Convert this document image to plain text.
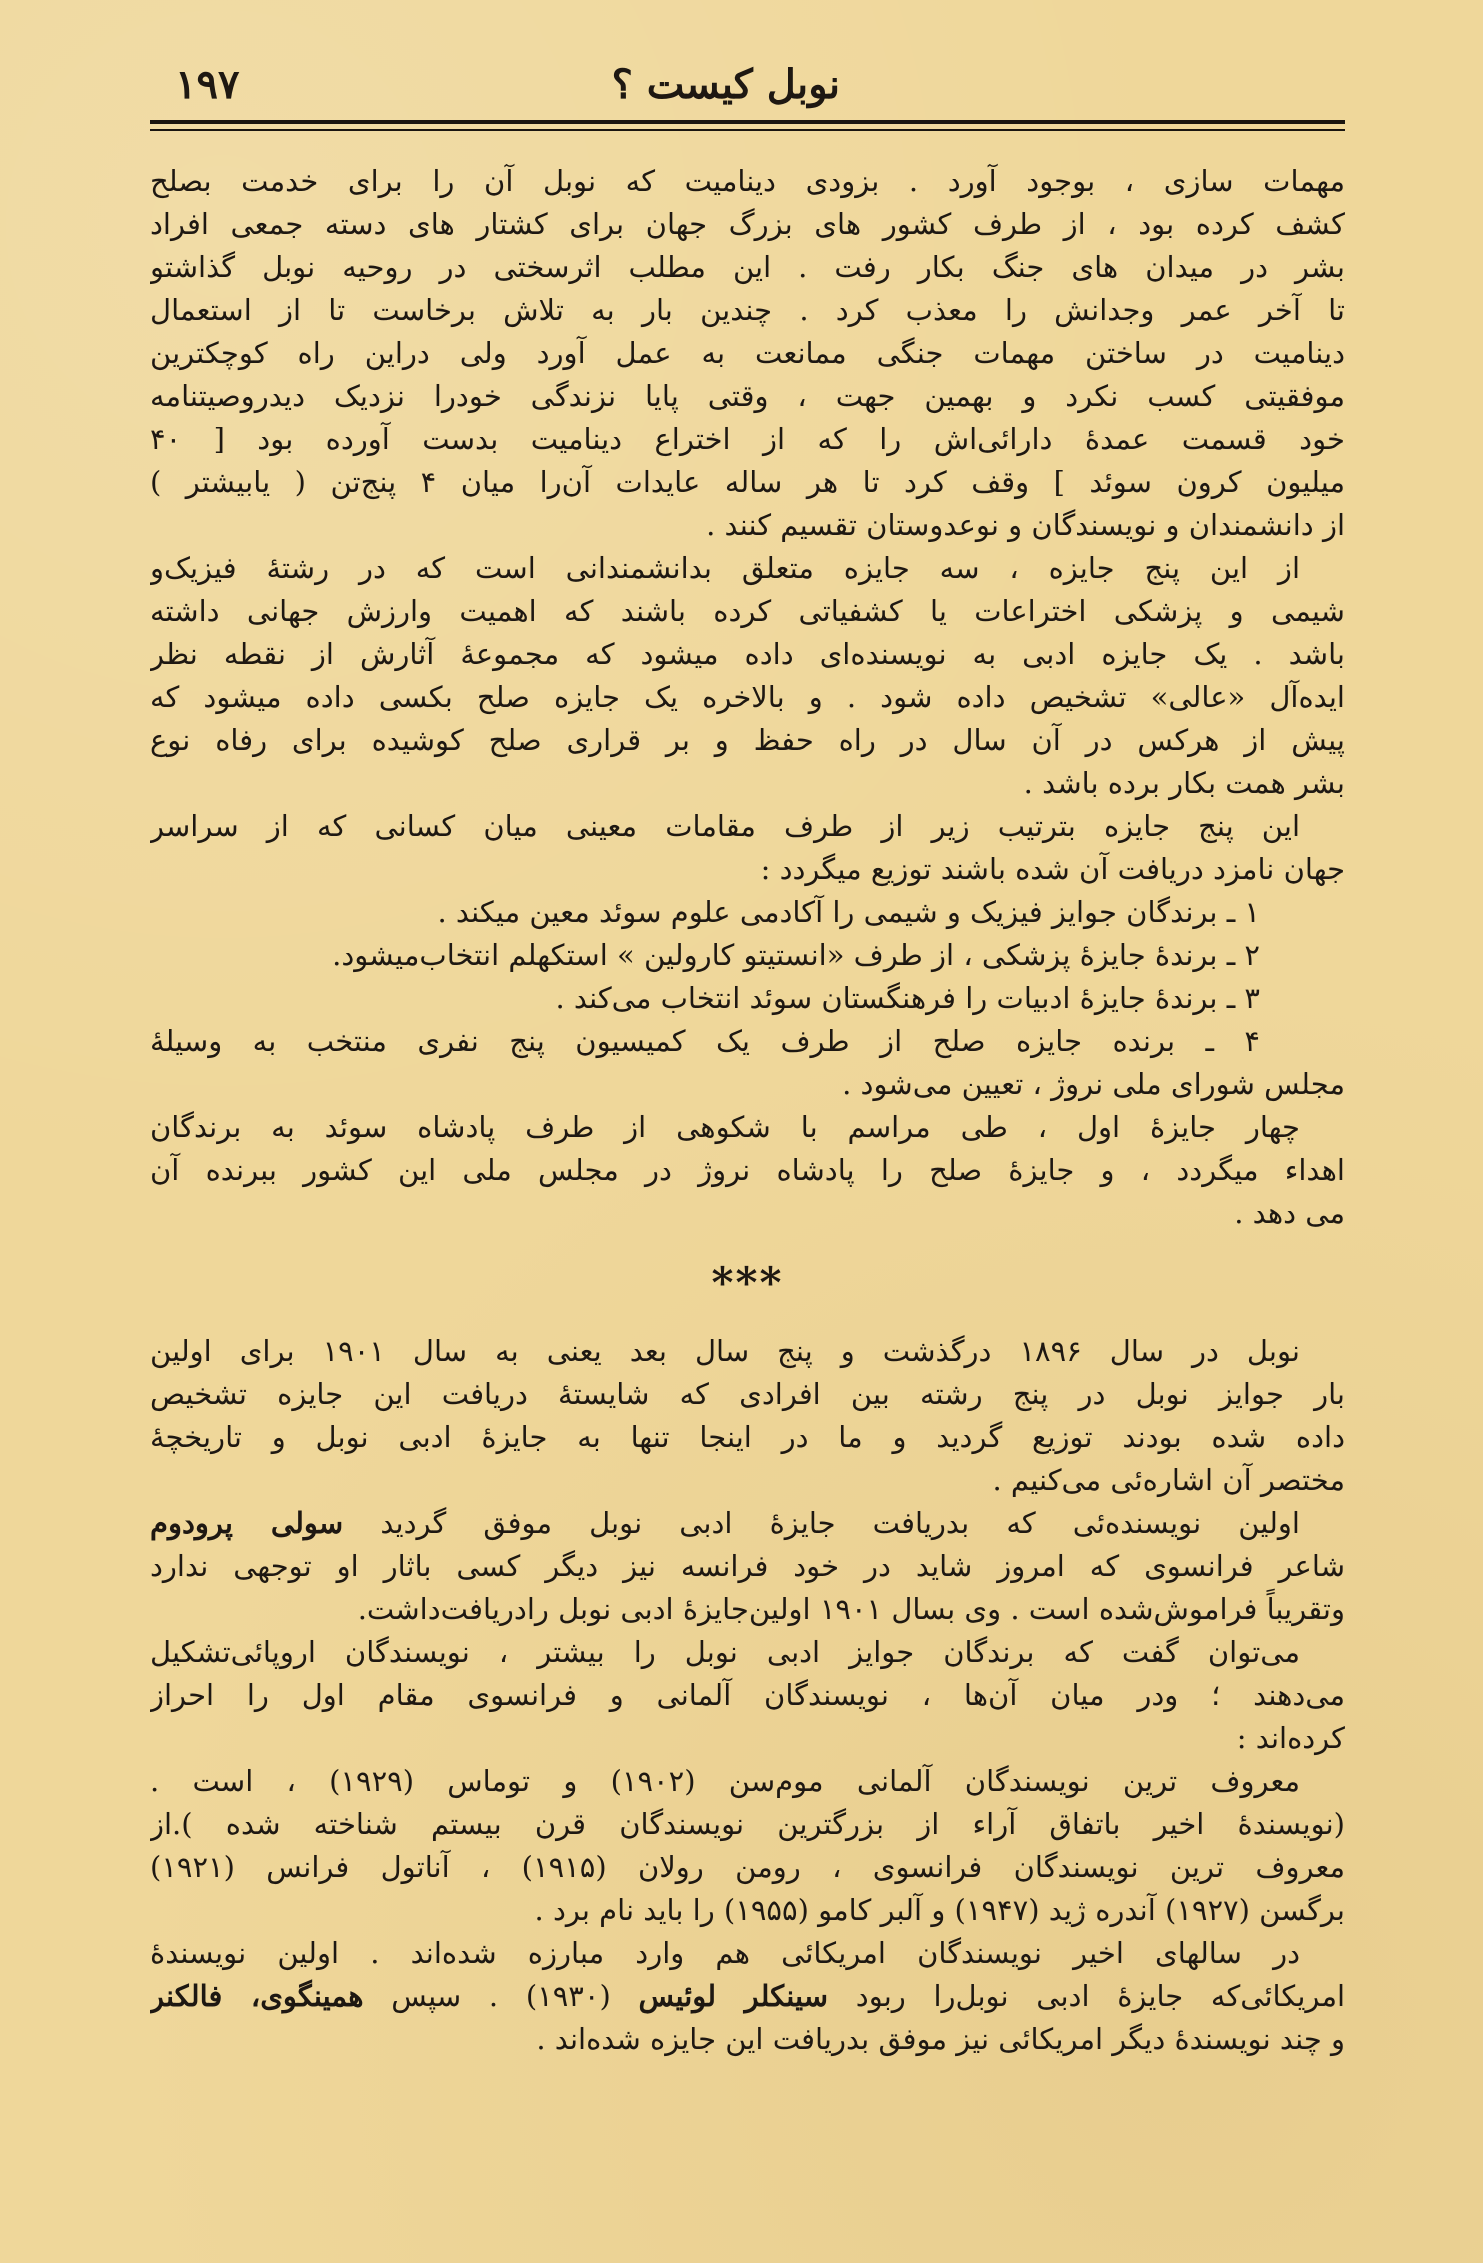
نوبل کیست ؟
۱۹۷
مهمات سازی ، بوجود آورد . بزودی دینامیت که نوبل آن را برای خدمت بصلح
کشف کرده بود ، از طرف کشور های بزرگ جهان برای کشتار های دسته جمعی افراد
بشر در میدان های جنگ بکار رفت . این مطلب اثرسختی در روحیه نوبل گذاشتو
تا آخر عمر وجدانش را معذب کرد . چندین بار به تلاش برخاست تا از استعمال
دینامیت در ساختن مهمات جنگی ممانعت به عمل آورد ولی دراین راه کوچکترین
موفقیتی کسب نکرد و بهمین جهت ، وقتی پایا نزندگی خودرا نزدیک دیدروصیتنامه
خود قسمت عمدهٔ دارائی‌اش را که از اختراع دینامیت بدست آورده بود [ ۴۰
میلیون کرون سوئد ] وقف کرد تا هر ساله عایدات آن‌را میان ۴ پنج‌تن ( یابیشتر )
از دانشمندان و نویسندگان و نوعدوستان تقسیم کنند .
از این پنج جایزه ، سه جایزه متعلق بدانشمندانی است که در رشتهٔ فیزیک‌و
شیمی و پزشکی اختراعات یا کشفیاتی کرده باشند که اهمیت وارزش جهانی داشته
باشد . یک جایزه ادبی به نویسنده‌ای داده میشود که مجموعهٔ آثارش از نقطه نظر
ایده‌آل «عالی» تشخیص داده شود . و بالاخره یک جایزه صلح بکسی داده میشود که
پیش از هرکس در آن سال در راه حفظ و بر قراری صلح کوشیده برای رفاه نوع
بشر همت بکار برده باشد .
این پنج جایزه بترتیب زیر از طرف مقامات معینی میان کسانی که از سراسر
جهان نامزد دریافت آن شده باشند توزیع میگردد :
۱ ـ برندگان جوایز فیزیک و شیمی را آکادمی علوم سوئد معین میکند .
۲ ـ برندهٔ جایزهٔ پزشکی ، از طرف «انستیتو کارولین » استکهلم انتخاب‌میشود.
۳ ـ برندهٔ جایزهٔ ادبیات را فرهنگستان سوئد انتخاب می‌کند .
۴ ـ برنده جایزه صلح از طرف یک کمیسیون پنج نفری منتخب به وسیلهٔ
مجلس شورای ملی نروژ ، تعیین می‌شود .
چهار جایزهٔ اول ، طی مراسم با شکوهی از طرف پادشاه سوئد به برندگان
اهداء میگردد ، و جایزهٔ صلح را پادشاه نروژ در مجلس ملی این کشور ببرنده آن
می دهد .
***
نوبل در سال ۱۸۹۶ درگذشت و پنج سال بعد یعنی به سال ۱۹۰۱ برای اولین
بار جوایز نوبل در پنج رشته بین افرادی که شایستهٔ دریافت این جایزه تشخیص
داده شده بودند توزیع گردید و ما در اینجا تنها به جایزهٔ ادبی نوبل و تاریخچهٔ
مختصر آن اشاره‌ئی می‌کنیم .
اولین نویسنده‌ئی که بدریافت جایزهٔ ادبی نوبل موفق گردید سولی پرودوم
شاعر فرانسوی که امروز شاید در خود فرانسه نیز دیگر کسی باثار او توجهی ندارد
وتقریباً فراموش‌شده است . وی بسال ۱۹۰۱ اولین‌جایزهٔ ادبی نوبل رادریافت‌داشت.
می‌توان گفت که برندگان جوایز ادبی نوبل را بیشتر ، نویسندگان اروپائی‌تشکیل
می‌دهند ؛ ودر میان آن‌ها ، نویسندگان آلمانی و فرانسوی مقام اول را احراز
کرده‌اند :
معروف ترین نویسندگان آلمانی موم‌سن (۱۹۰۲) و توماس (۱۹۲۹) ، است .
(نویسندهٔ اخیر باتفاق آراء از بزرگترین نویسندگان قرن بیستم شناخته شده ).از
معروف ترین نویسندگان فرانسوی ، رومن رولان (۱۹۱۵) ، آناتول فرانس (۱۹۲۱)
برگسن (۱۹۲۷) آندره ژید (۱۹۴۷) و آلبر کامو (۱۹۵۵) را باید نام برد .
در سالهای اخیر نویسندگان امریکائی هم وارد مبارزه شده‌اند . اولین نویسندهٔ
امریکائی‌که جایزهٔ ادبی نوبل‌را ربود سینکلر لوئیس (۱۹۳۰) . سپس همینگوی، فالکنر
و چند نویسندهٔ دیگر امریکائی نیز موفق بدریافت این جایزه شده‌اند .
